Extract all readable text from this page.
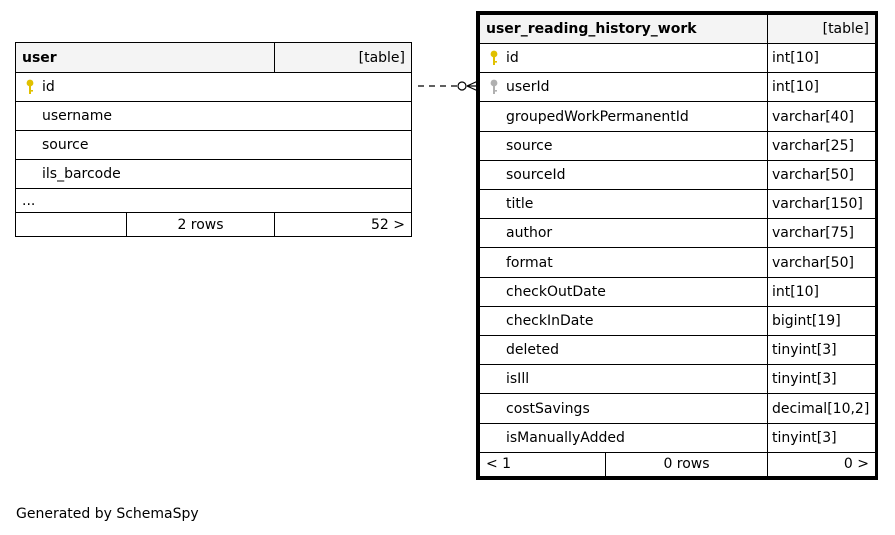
user		[table]

id		
username		
source		
ils_barcode		
...		
	2 rows	52 >
user_reading_history_work		[table]

id		int[10]

userId		int[10]
groupedWorkPermanentId		varchar[40]
source		varchar[25]
sourceId		varchar[50]
title		varchar[150]
author		varchar[75]
format		varchar[50]
checkOutDate		int[10]
checkInDate		bigint[19]
deleted		tinyint[3]
isIll		tinyint[3]
costSavings		decimal[10,2]
isManuallyAdded		tinyint[3]
< 1	0 rows	0 >
Generated by SchemaSpy
